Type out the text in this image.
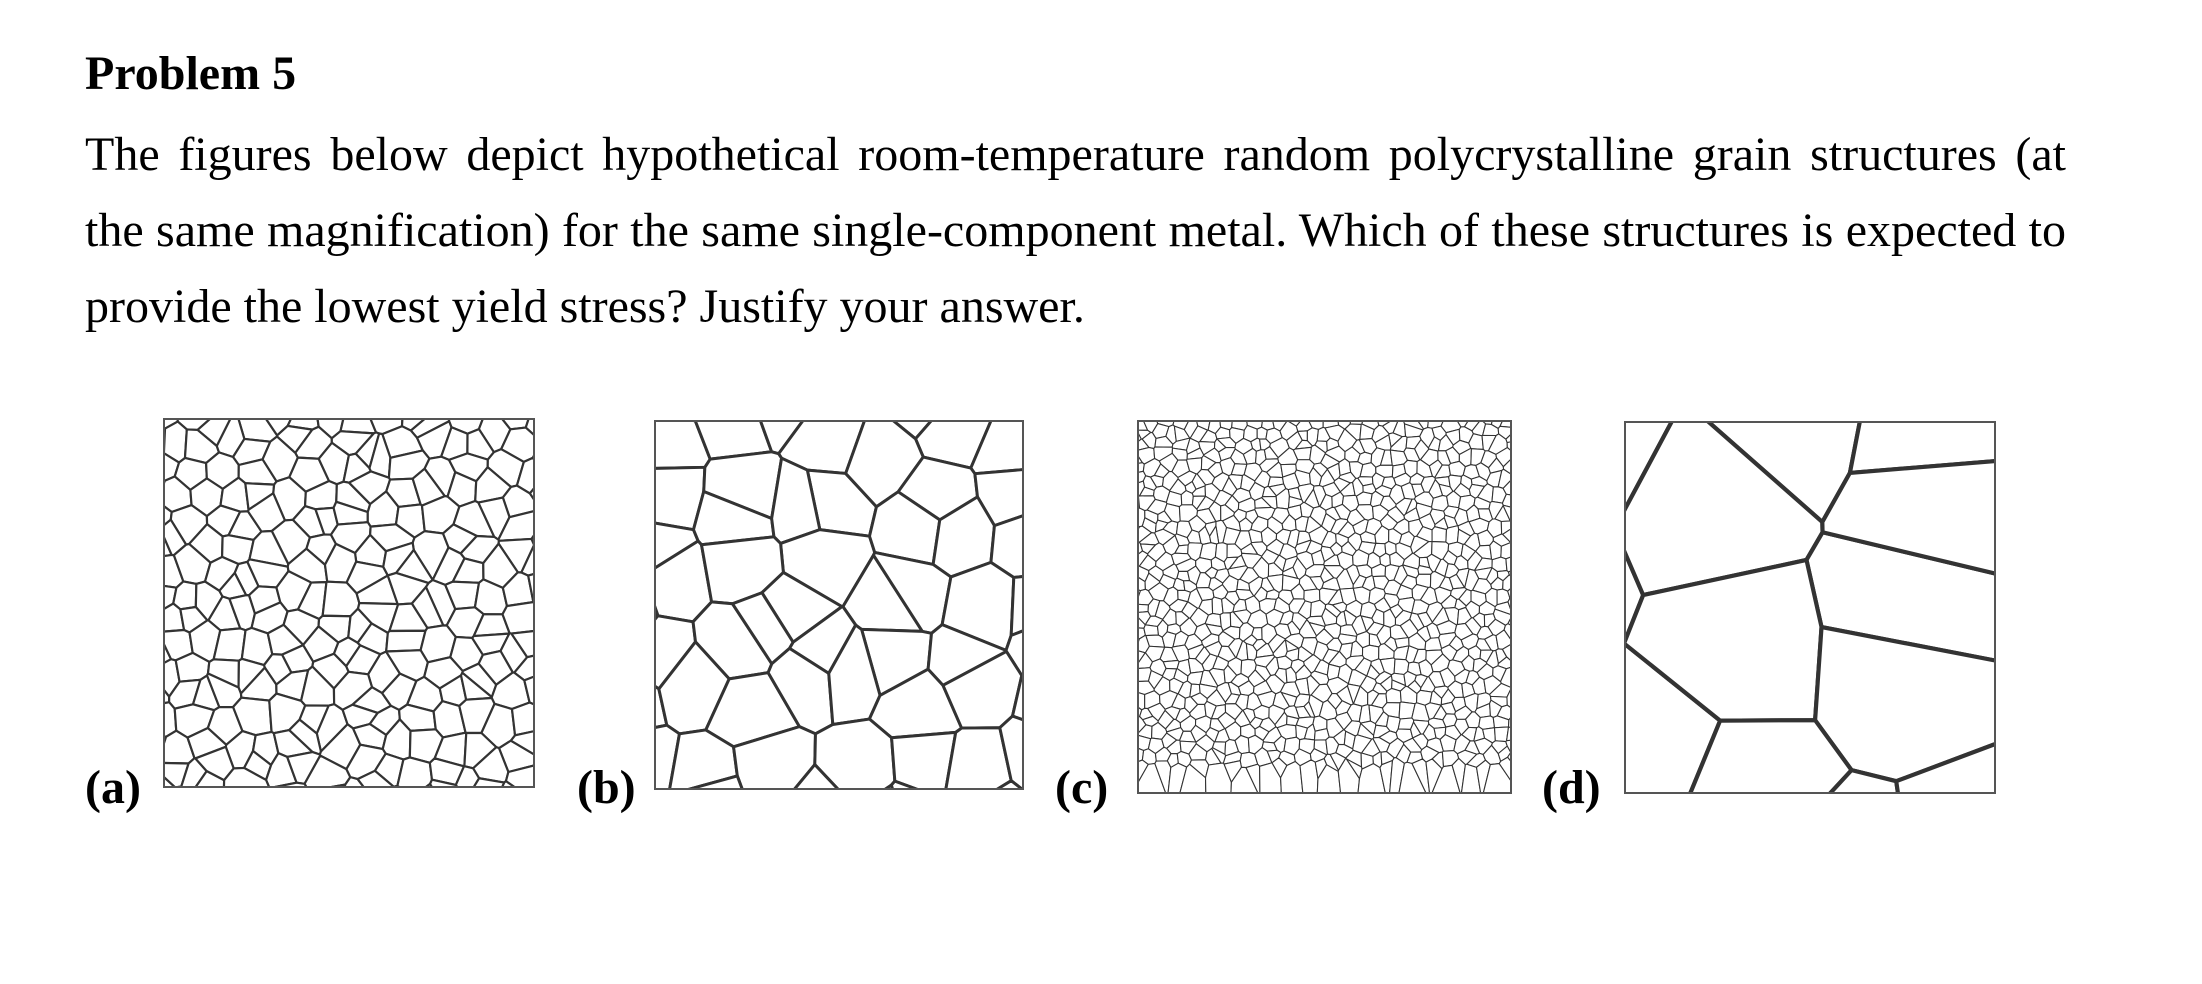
Problem 5

The figures below depict hypothetical room-temperature random polycrystalline grain structures (at the same magnification) for the same single-component metal. Which of these structures is expected to provide the lowest yield stress? Justify your answer.

(a)	(b)	(c)	(d)
